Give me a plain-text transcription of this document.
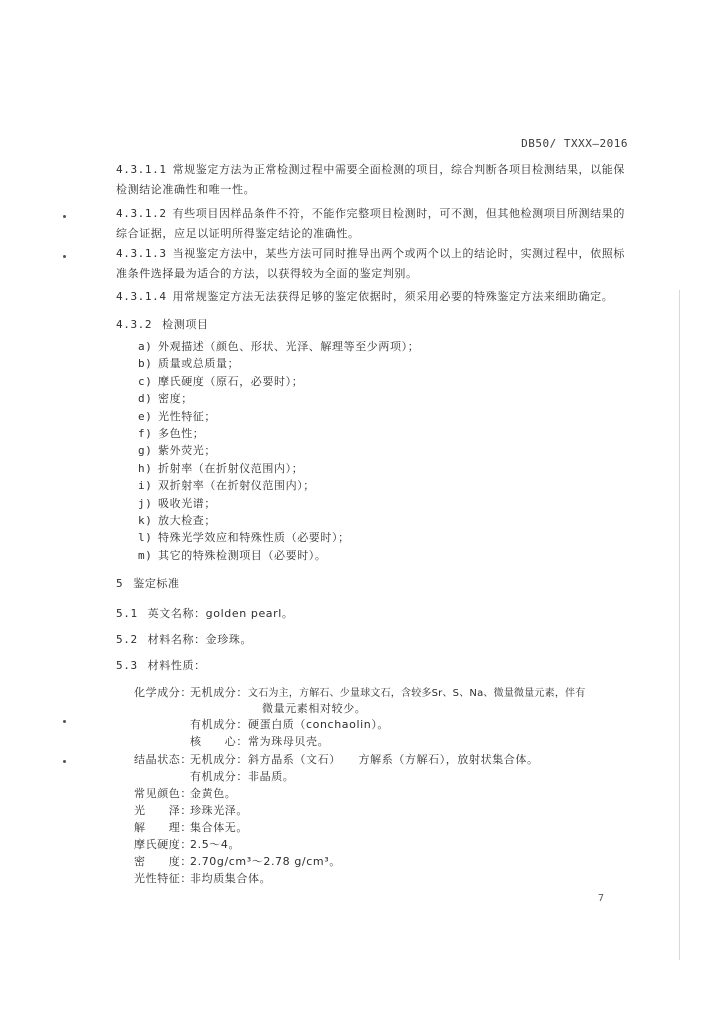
DB50/ TXXX—2016
4.3.1.1 常规鉴定方法为正常检测过程中需要全面检测的项目，综合判断各项目检测结果，以能保检测结论准确性和唯一性。
4.3.1.2 有些项目因样品条件不符，不能作完整项目检测时，可不测，但其他检测项目所测结果的综合证据，应足以证明所得鉴定结论的准确性。
4.3.1.3 当视鉴定方法中，某些方法可同时推导出两个或两个以上的结论时，实测过程中，依照标准条件选择最为适合的方法，以获得较为全面的鉴定判别。
4.3.1.4 用常规鉴定方法无法获得足够的鉴定依据时，须采用必要的特殊鉴定方法来细助确定。
4.3.2 检测项目
a) 外观描述（颜色、形状、光泽、解理等至少两项）；
b) 质量或总质量；
c) 摩氏硬度（原石，必要时）；
d) 密度；
e) 光性特征；
f) 多色性；
g) 紫外荧光；
h) 折射率（在折射仪范围内）；
i) 双折射率（在折射仪范围内）；
j) 吸收光谱；
k) 放大检查；
l) 特殊光学效应和特殊性质（必要时）；
m) 其它的特殊检测项目（必要时）。
5 鉴定标准
5.1 英文名称：golden pearl。
5.2 材料名称：金珍珠。
5.3 材料性质：
化学成分：
无机成分： 文石为主，方解石、少量球文石，含较多Sr、S、Na、微量微量元素，伴有
微量元素相对较少。
有机成分： 硬蛋白质（conchaolin）。
核　　心： 常为珠母贝壳。
结晶状态：
无机成分： 斜方晶系（文石）　　方解系（方解石），放射状集合体。
有机成分： 非晶质。
常见颜色：
金黄色。
光　　泽：
珍珠光泽。
解　　理：
集合体无。
摩氏硬度：
2.5～4。
密　　度：
2.70g/cm³～2.78 g/cm³。
光性特征：
非均质集合体。
7
